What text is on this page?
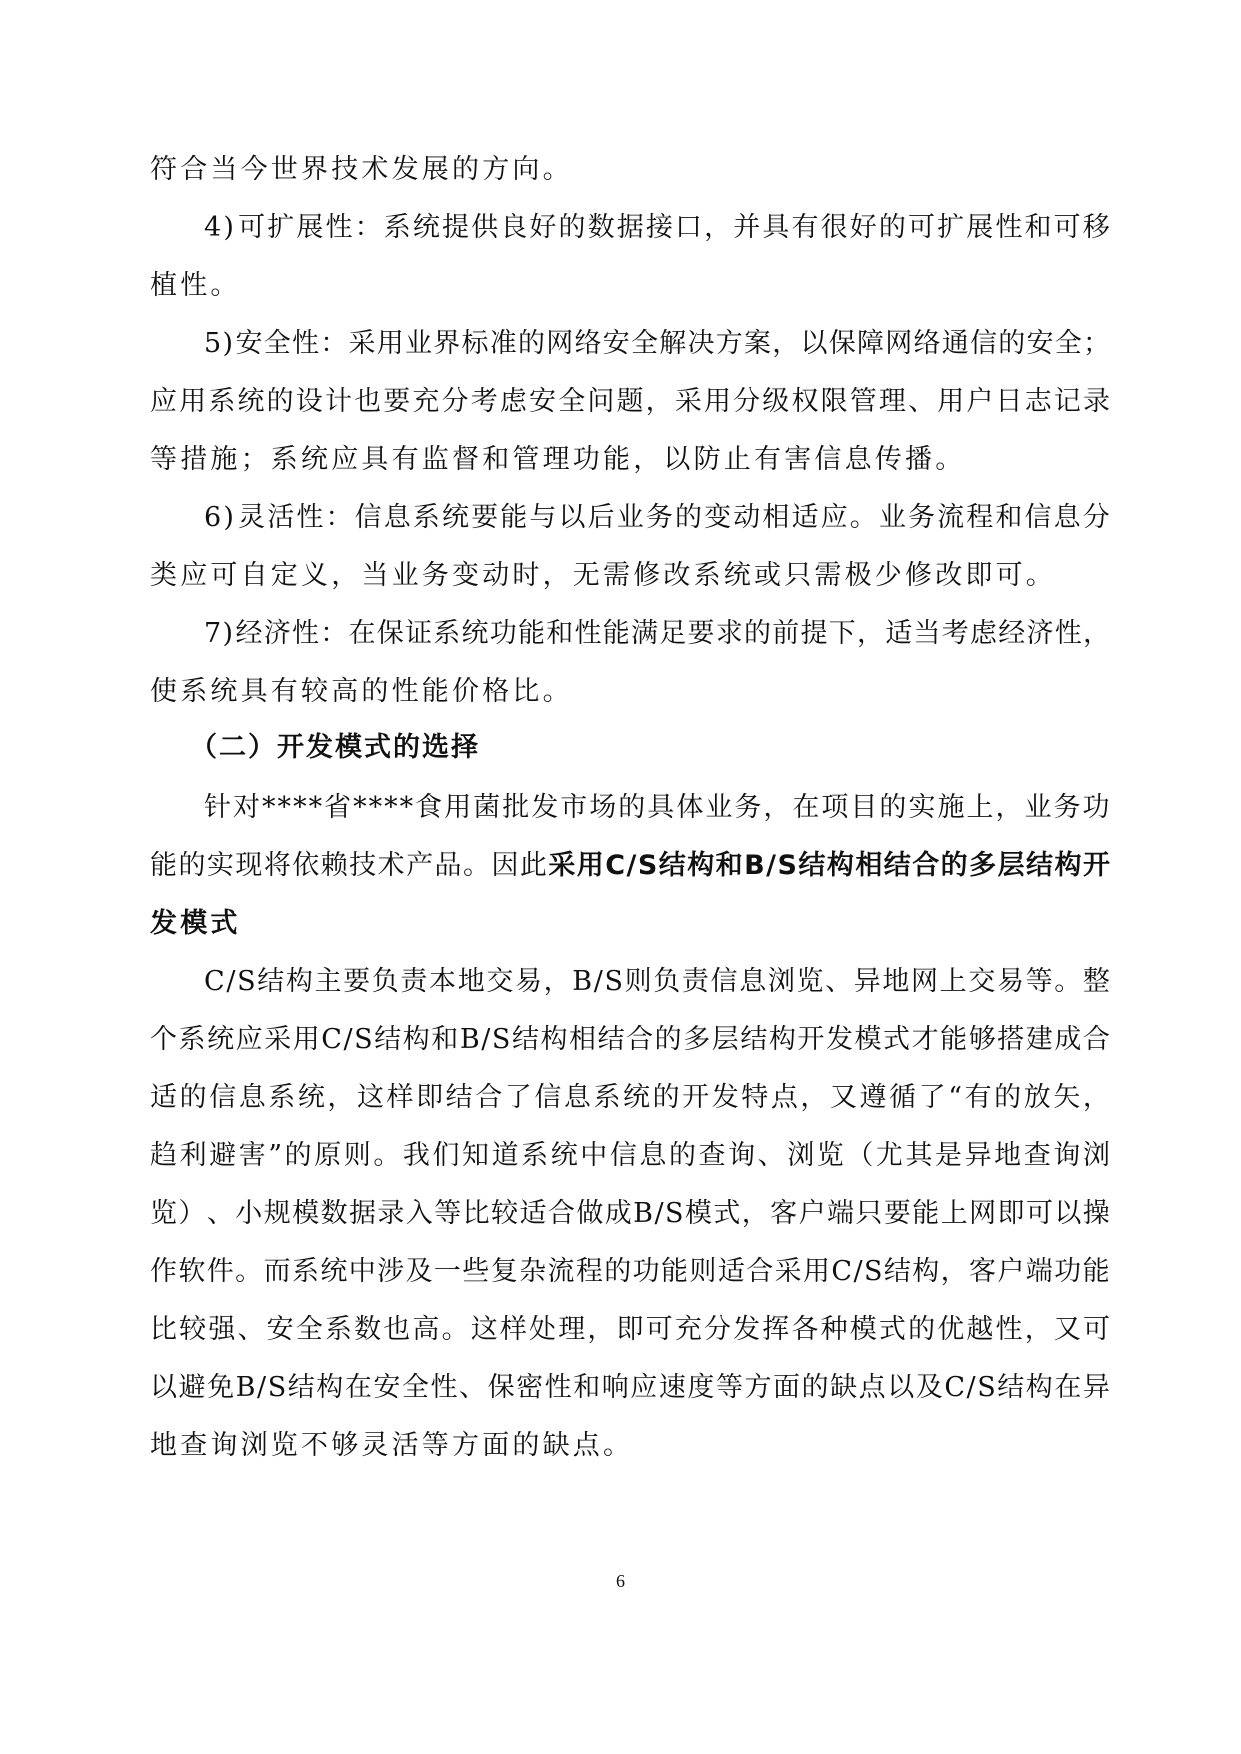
符合当今世界技术发展的方向。
4 ) 可 扩 展 性 ： 系 统 提 供 良 好 的 数 据 接 口 ， 并 具 有 很 好 的 可 扩 展 性 和 可 移
植性。
5 ) 安 全 性 ： 采 用 业 界 标 准 的 网 络 安 全 解 决 方 案 ， 以 保 障 网 络 通 信 的 安 全 ；
应 用 系 统 的 设 计 也 要 充 分 考 虑 安 全 问 题 ， 采 用 分 级 权 限 管 理 、 用 户 日 志 记 录
等措施；系统应具有监督和管理功能，以防止有害信息传播。
6 ) 灵 活 性 ： 信 息 系 统 要 能 与 以 后 业 务 的 变 动 相 适 应 。 业 务 流 程 和 信 息 分
类应可自定义，当业务变动时，无需修改系统或只需极少修改即可。
7 ) 经 济 性 ： 在 保 证 系 统 功 能 和 性 能 满 足 要 求 的 前 提 下 ， 适 当 考 虑 经 济 性 ，
使系统具有较高的性能价格比。
（二）开发模式的选择
针 对 * * * * 省 * * * * 食 用 菌 批 发 市 场 的 具 体 业 务 ， 在 项 目 的 实 施 上 ， 业 务 功
能 的 实 现 将 依 赖 技 术 产 品 。 因 此 采 用 C / S 结 构 和 B / S 结 构 相 结 合 的 多 层 结 构 开
发模式
C / S 结 构 主 要 负 责 本 地 交 易 ， B / S 则 负 责 信 息 浏 览 、 异 地 网 上 交 易 等 。 整
个 系 统 应 采 用 C / S 结 构 和 B / S 结 构 相 结 合 的 多 层 结 构 开 发 模 式 才 能 够 搭 建 成 合
适 的 信 息 系 统 ， 这 样 即 结 合 了 信 息 系 统 的 开 发 特 点 ， 又 遵 循 了 “ 有 的 放 矢 ，
趋 利 避 害 ” 的 原 则 。 我 们 知 道 系 统 中 信 息 的 查 询 、 浏 览 （ 尤 其 是 异 地 查 询 浏
览 ） 、 小 规 模 数 据 录 入 等 比 较 适 合 做 成 B / S 模 式 ， 客 户 端 只 要 能 上 网 即 可 以 操
作 软 件 。 而 系 统 中 涉 及 一 些 复 杂 流 程 的 功 能 则 适 合 采 用 C / S 结 构 ， 客 户 端 功 能
比 较 强 、 安 全 系 数 也 高 。 这 样 处 理 ， 即 可 充 分 发 挥 各 种 模 式 的 优 越 性 ， 又 可
以 避 免 B / S 结 构 在 安 全 性 、 保 密 性 和 响 应 速 度 等 方 面 的 缺 点 以 及 C / S 结 构 在 异
地查询浏览不够灵活等方面的缺点。
6
